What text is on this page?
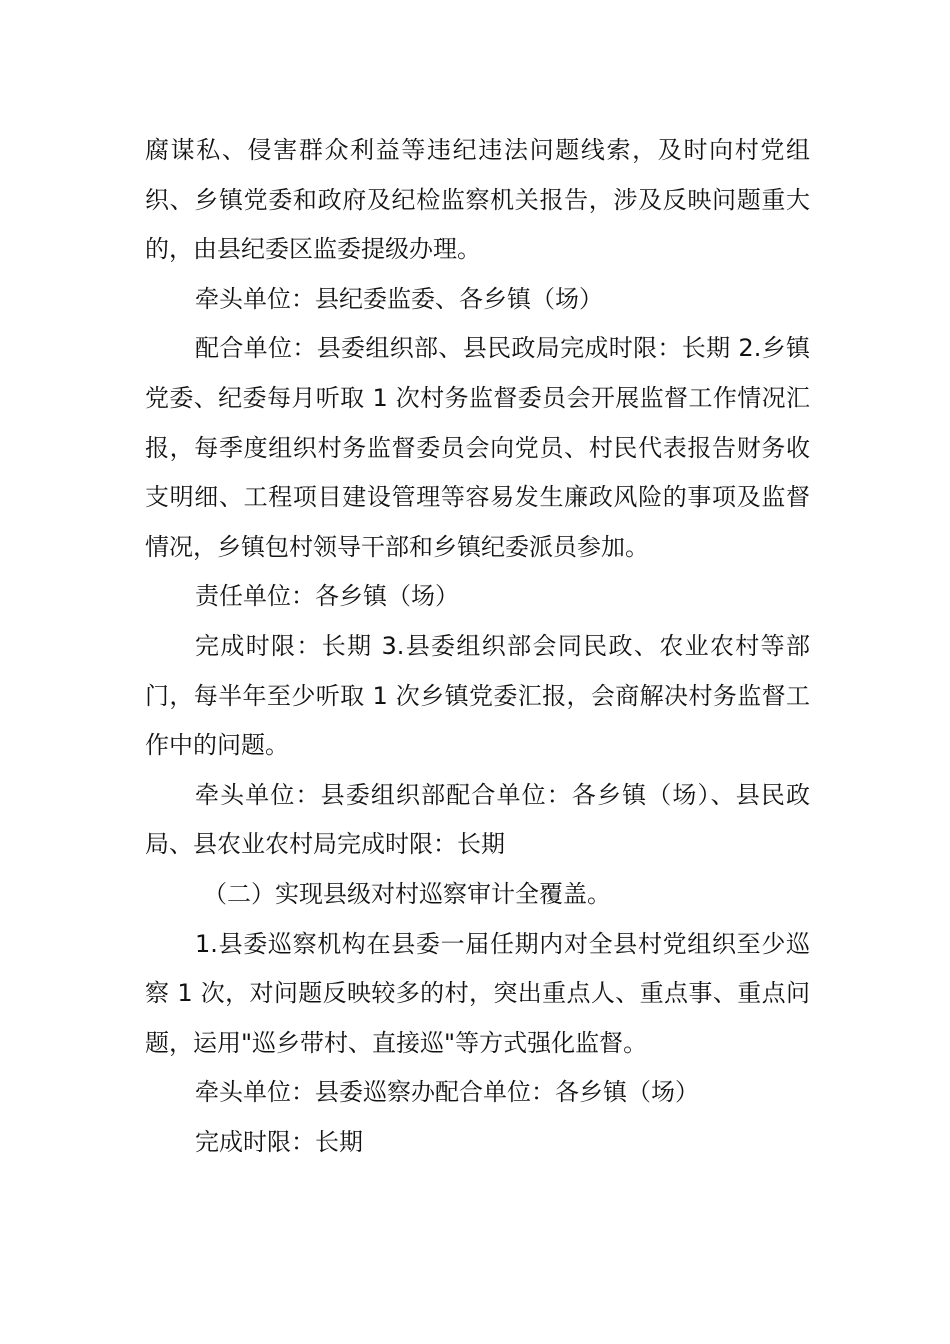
腐谋私、侵害群众利益等违纪违法问题线索，及时向村党组织、乡镇党委和政府及纪检监察机关报告，涉及反映问题重大的，由县纪委区监委提级办理。

牵头单位：县纪委监委、各乡镇（场）

配合单位：县委组织部、县民政局完成时限：长期 2.乡镇党委、纪委每月听取 1 次村务监督委员会开展监督工作情况汇报，每季度组织村务监督委员会向党员、村民代表报告财务收支明细、工程项目建设管理等容易发生廉政风险的事项及监督情况，乡镇包村领导干部和乡镇纪委派员参加。

责任单位：各乡镇（场）

完成时限：长期 3.县委组织部会同民政、农业农村等部门，每半年至少听取 1 次乡镇党委汇报，会商解决村务监督工作中的问题。

牵头单位：县委组织部配合单位：各乡镇（场）、县民政局、县农业农村局完成时限：长期

（二）实现县级对村巡察审计全覆盖。

1.县委巡察机构在县委一届任期内对全县村党组织至少巡察 1 次，对问题反映较多的村，突出重点人、重点事、重点问题，运用"巡乡带村、直接巡"等方式强化监督。

牵头单位：县委巡察办配合单位：各乡镇（场）

完成时限：长期
